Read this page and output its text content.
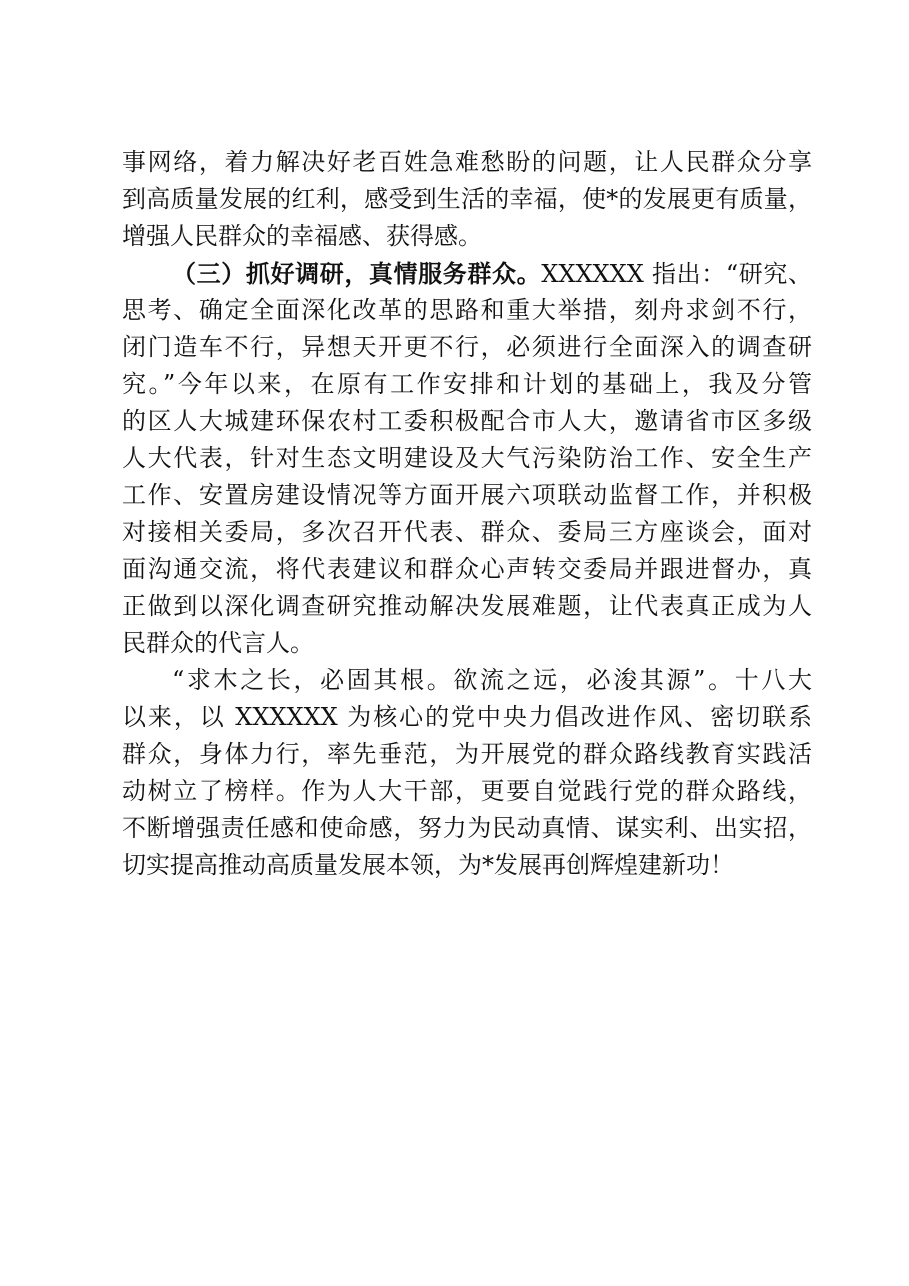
事网络，着力解决好老百姓急难愁盼的问题，让人民群众分享
到高质量发展的红利，感受到生活的幸福，使*的发展更有质量，
增强人民群众的幸福感、获得感。
（三）抓好调研，真情服务群众。XXXXXX 指出：“研究、
思考、确定全面深化改革的思路和重大举措，刻舟求剑不行，
闭门造车不行，异想天开更不行，必须进行全面深入的调查研
究。”今年以来，在原有工作安排和计划的基础上，我及分管
的区人大城建环保农村工委积极配合市人大，邀请省市区多级
人大代表，针对生态文明建设及大气污染防治工作、安全生产
工作、安置房建设情况等方面开展六项联动监督工作，并积极
对接相关委局，多次召开代表、群众、委局三方座谈会，面对
面沟通交流，将代表建议和群众心声转交委局并跟进督办，真
正做到以深化调查研究推动解决发展难题，让代表真正成为人
民群众的代言人。
“求木之长，必固其根。欲流之远，必浚其源”。十八大
以来，以 XXXXXX 为核心的党中央力倡改进作风、密切联系
群众，身体力行，率先垂范，为开展党的群众路线教育实践活
动树立了榜样。作为人大干部，更要自觉践行党的群众路线，
不断增强责任感和使命感，努力为民动真情、谋实利、出实招，
切实提高推动高质量发展本领，为*发展再创辉煌建新功！
